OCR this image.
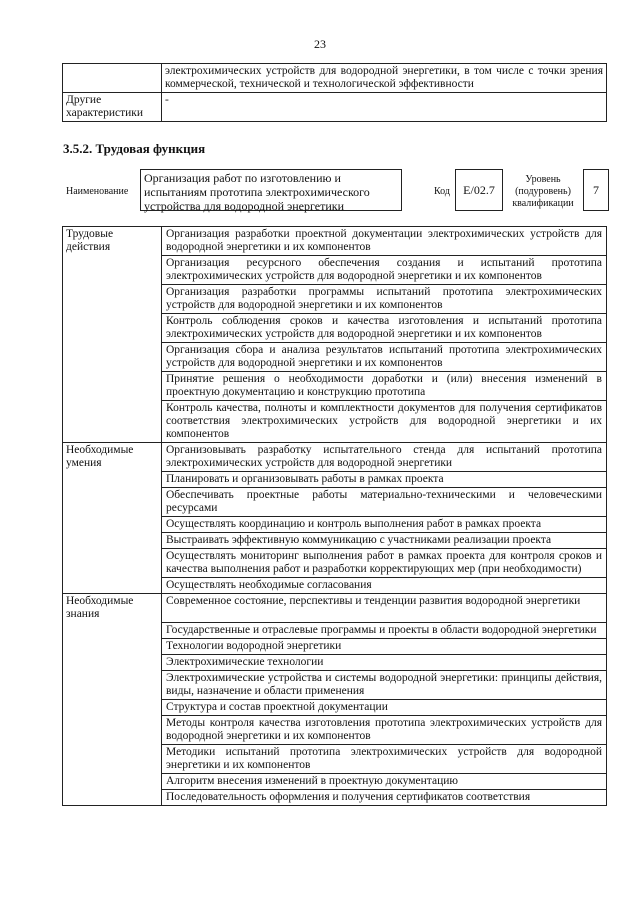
23
	электрохимических устройств для водородной энергетики, в том числе с точки зрения коммерческой, технической и технологической эффективности
Другие характеристики	-
3.5.2. Трудовая функция
Наименование
Организация работ по изготовлению и испытаниям прототипа электрохимического устройства для водородной энергетики
Код	E/02.7
Уровень (подуровень) квалификации
7
Трудовые действия	Организация разработки проектной документации электрохимических устройств для водородной энергетики и их компонентов
	Организация ресурсного обеспечения создания и испытаний прототипа электрохимических устройств для водородной энергетики и их компонентов
	Организация разработки программы испытаний прототипа электрохимических устройств для водородной энергетики и их компонентов
	Контроль соблюдения сроков и качества изготовления и испытаний прототипа электрохимических устройств для водородной энергетики и их компонентов
	Организация сбора и анализа результатов испытаний прототипа электрохимических устройств для водородной энергетики и их компонентов
	Принятие решения о необходимости доработки и (или) внесения изменений в проектную документацию и конструкцию прототипа
	Контроль качества, полноты и комплектности документов для получения сертификатов соответствия электрохимических устройств для водородной энергетики и их компонентов
Необходимые умения	Организовывать разработку испытательного стенда для испытаний прототипа электрохимических устройств для водородной энергетики
	Планировать и организовывать работы в рамках проекта
	Обеспечивать проектные работы материально-техническими и человеческими ресурсами
	Осуществлять координацию и контроль выполнения работ в рамках проекта
	Выстраивать эффективную коммуникацию с участниками реализации проекта
	Осуществлять мониторинг выполнения работ в рамках проекта для контроля сроков и качества выполнения работ и разработки корректирующих мер (при необходимости)
	Осуществлять необходимые согласования
Необходимые знания	Современное состояние, перспективы и тенденции развития водородной энергетики
	Государственные и отраслевые программы и проекты в области водородной энергетики
	Технологии водородной энергетики
	Электрохимические технологии
	Электрохимические устройства и системы водородной энергетики: принципы действия, виды, назначение и области применения
	Структура и состав проектной документации
	Методы контроля качества изготовления прототипа электрохимических устройств для водородной энергетики и их компонентов
	Методики испытаний прототипа электрохимических устройств для водородной энергетики и их компонентов
	Алгоритм внесения изменений в проектную документацию
	Последовательность оформления и получения сертификатов соответствия
